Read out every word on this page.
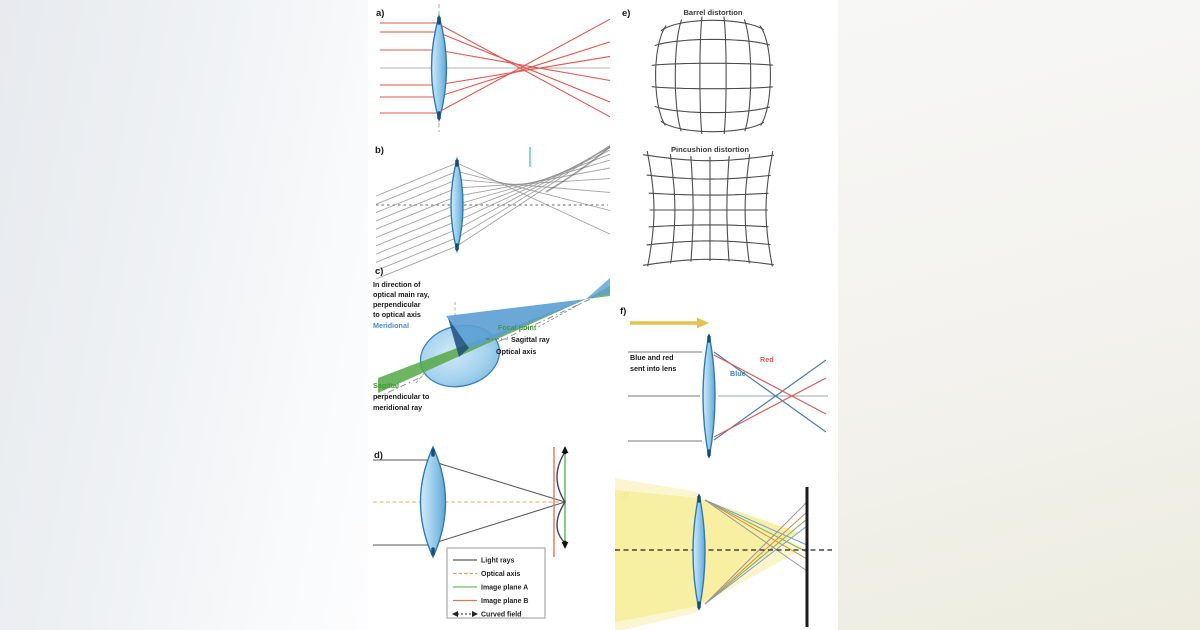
a)
b)
c)
In direction of
optical main ray,
perpendicular
to optical axis
Meridional	Focal point
Sagittal ray
Optical axis
Sagittal
perpendicular to
meridional ray
d)
Light rays
Optical axis
Image plane A
Image plane B
Curved field
e)	Barrel distortion
Pincushion distortion
f)
Blue and red
sent into lens
Blue
Red
